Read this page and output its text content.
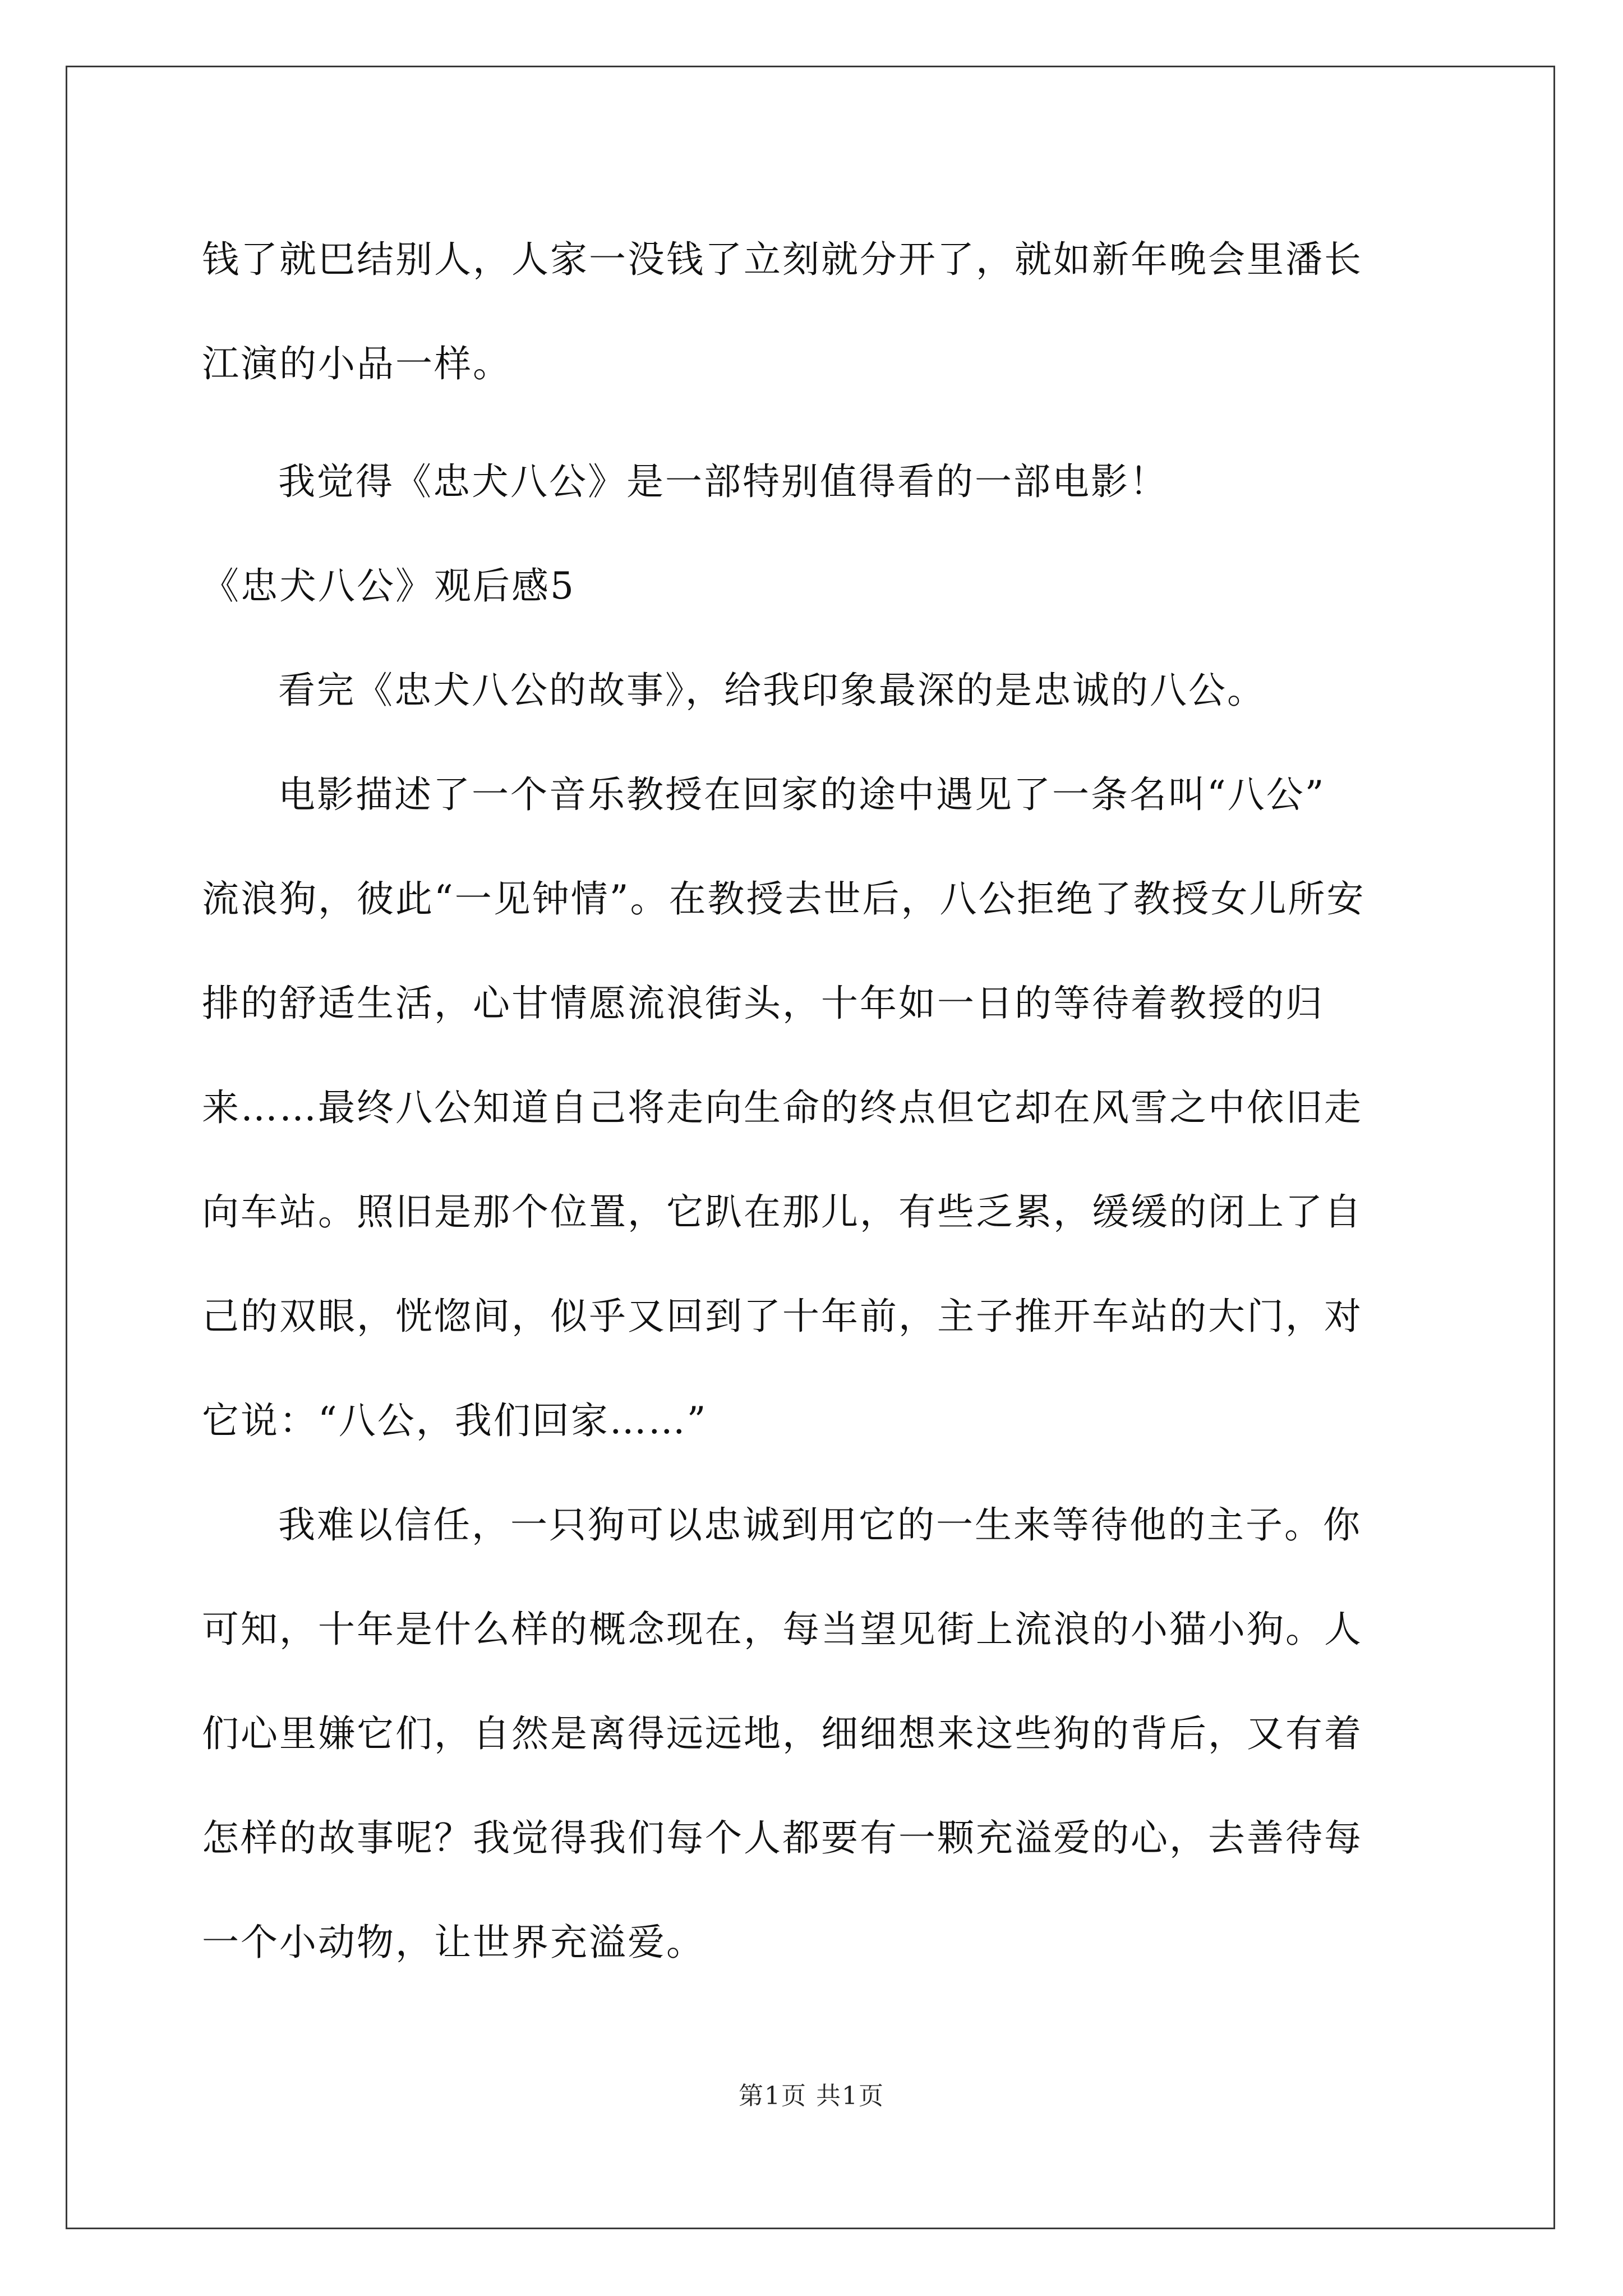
钱了就巴结别人，人家一没钱了立刻就分开了，就如新年晚会里潘长
江演的小品一样。
我觉得《忠犬八公》是一部特别值得看的一部电影！
《忠犬八公》观后感5
看完《忠犬八公的故事》，给我印象最深的是忠诚的八公。
电影描述了一个音乐教授在回家的途中遇见了一条名叫“八公”
流浪狗，彼此“一见钟情”。在教授去世后，八公拒绝了教授女儿所安
排的舒适生活，心甘情愿流浪街头，十年如一日的等待着教授的归
来……最终八公知道自己将走向生命的终点但它却在风雪之中依旧走
向车站。照旧是那个位置，它趴在那儿，有些乏累，缓缓的闭上了自
己的双眼，恍惚间，似乎又回到了十年前，主子推开车站的大门，对
它说：“八公，我们回家……”
我难以信任，一只狗可以忠诚到用它的一生来等待他的主子。你
可知，十年是什么样的概念现在，每当望见街上流浪的小猫小狗。人
们心里嫌它们，自然是离得远远地，细细想来这些狗的背后，又有着
怎样的故事呢？我觉得我们每个人都要有一颗充溢爱的心，去善待每
一个小动物，让世界充溢爱。
第1页 共1页
